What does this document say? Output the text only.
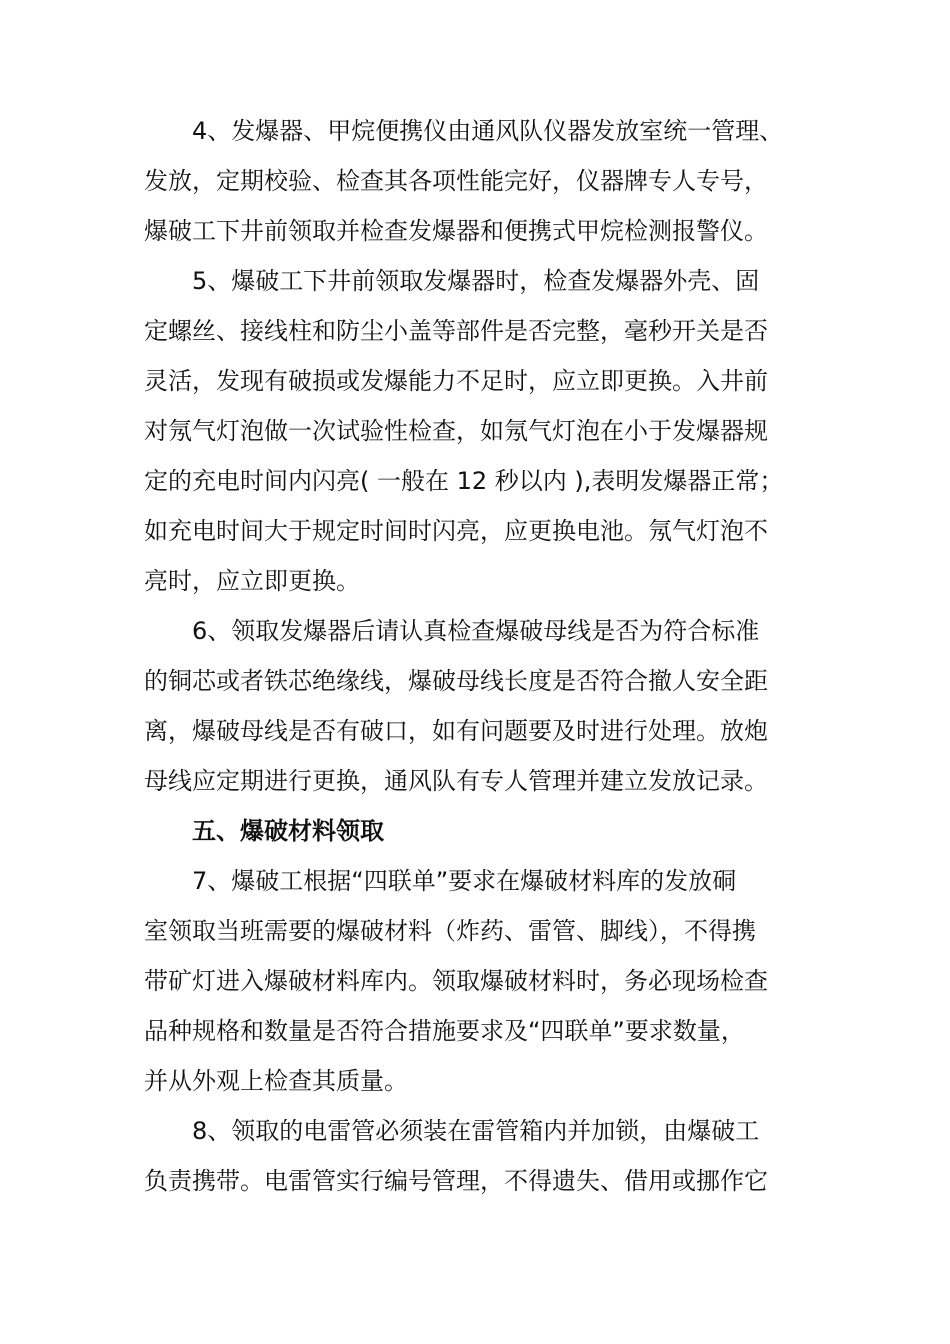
4、发爆器、甲烷便携仪由通风队仪器发放室统一管理、
发放，定期校验、检查其各项性能完好，仪器牌专人专号，
爆破工下井前领取并检查发爆器和便携式甲烷检测报警仪。
5、爆破工下井前领取发爆器时，检查发爆器外壳、固
定螺丝、接线柱和防尘小盖等部件是否完整，毫秒开关是否
灵活，发现有破损或发爆能力不足时，应立即更换。入井前
对氖气灯泡做一次试验性检查，如氖气灯泡在小于发爆器规
定的充电时间内闪亮( 一般在 12 秒以内 ),表明发爆器正常；
如充电时间大于规定时间时闪亮，应更换电池。氖气灯泡不
亮时，应立即更换。
6、领取发爆器后请认真检查爆破母线是否为符合标准
的铜芯或者铁芯绝缘线，爆破母线长度是否符合撤人安全距
离，爆破母线是否有破口，如有问题要及时进行处理。放炮
母线应定期进行更换，通风队有专人管理并建立发放记录。
五、爆破材料领取
7、爆破工根据“四联单”要求在爆破材料库的发放硐
室领取当班需要的爆破材料（炸药、雷管、脚线），不得携
带矿灯进入爆破材料库内。领取爆破材料时，务必现场检查
品种规格和数量是否符合措施要求及“四联单”要求数量，
并从外观上检查其质量。
8、领取的电雷管必须装在雷管箱内并加锁，由爆破工
负责携带。电雷管实行编号管理，不得遗失、借用或挪作它
